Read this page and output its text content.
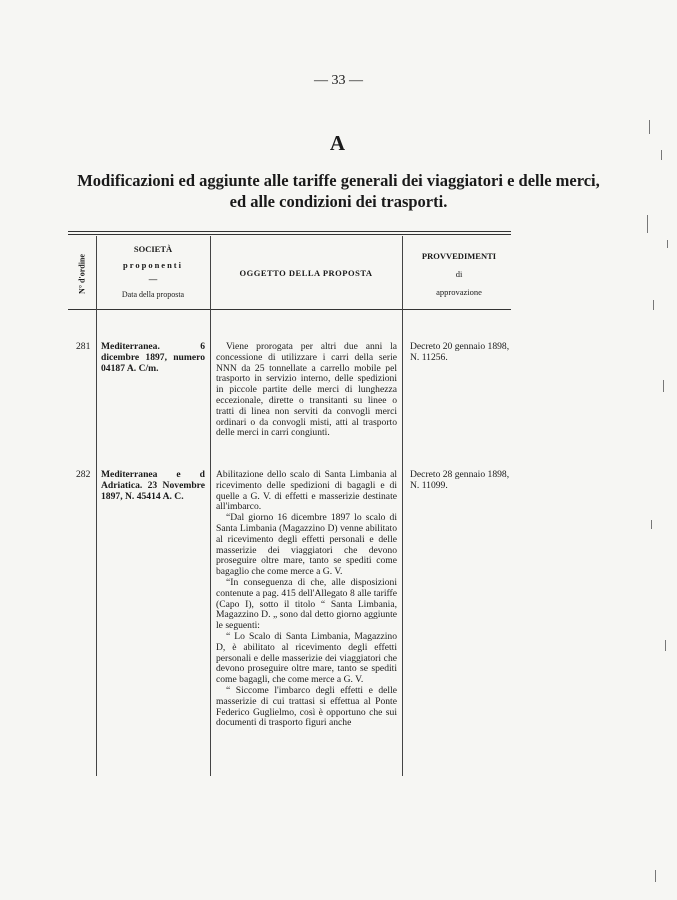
— 33 —
A
Modificazioni ed aggiunte alle tariffe generali dei viaggiatori e delle merci,
ed alle condizioni dei trasporti.
N° d'ordine
SOCIETÀ
proponenti
—
Data della proposta
OGGETTO DELLA PROPOSTA
PROVVEDIMENTI
di
approvazione
281	Mediterranea. 6 dicembre 1897, numero 04187 A. C/m.

Viene prorogata per altri due anni la concessione di utilizzare i carri della serie NNN da 25 tonnellate a carrello mobile pel trasporto in servizio interno, delle spedizioni in piccole partite delle merci di lunghezza eccezionale, dirette o transitanti su linee o tratti di linea non serviti da convogli merci ordinari o da convogli misti, atti al trasporto delle merci in carri congiunti.

Decreto 20 gennaio 1898, N. 11256.
282	Mediterranea e d Adriatica. 23 Novembre 1897, N. 45414 A. C.

Abilitazione dello scalo di Santa Limbania al ricevimento delle spedizioni di bagagli e di quelle a G. V. di effetti e masserizie destinate all'imbarco.

“Dal giorno 16 dicembre 1897 lo scalo di Santa Limbania (Magazzino D) venne abilitato al ricevimento degli effetti personali e delle masserizie dei viaggiatori che devono proseguire oltre mare, tanto se spediti come bagaglio che come merce a G. V.

“In conseguenza di che, alle disposizioni contenute a pag. 415 dell'Allegato 8 alle tariffe (Capo I), sotto il titolo “ Santa Limbania, Magazzino D. „ sono dal detto giorno aggiunte le seguenti:

“ Lo Scalo di Santa Limbania, Magazzino D, è abilitato al ricevimento degli effetti personali e delle masserizie dei viaggiatori che devono proseguire oltre mare, tanto se spediti come bagagli, che come merce a G. V.

“ Siccome l'imbarco degli effetti e delle masserizie di cui trattasi si effettua al Ponte Federico Guglielmo, così è opportuno che sui documenti di trasporto figuri anche

Decreto 28 gennaio 1898, N. 11099.
